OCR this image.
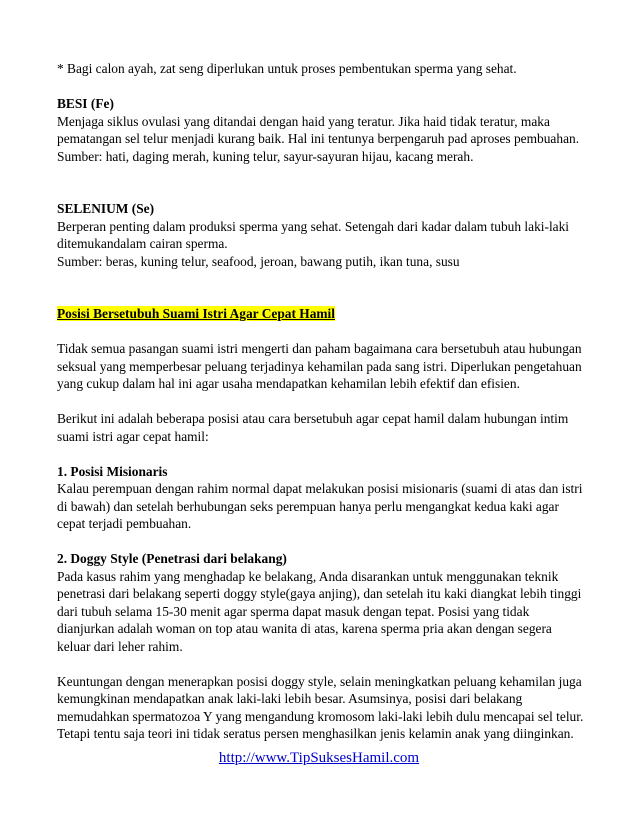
* Bagi calon ayah, zat seng diperlukan untuk proses pembentukan sperma yang sehat.

BESI (Fe)

Menjaga siklus ovulasi yang ditandai dengan haid yang teratur. Jika haid tidak teratur, maka pematangan sel telur menjadi kurang baik. Hal ini tentunya berpengaruh pad aproses pembuahan.

Sumber: hati, daging merah, kuning telur, sayur-sayuran hijau, kacang merah.

SELENIUM (Se)

Berperan penting dalam produksi sperma yang sehat. Setengah dari kadar dalam tubuh laki-laki ditemukandalam cairan sperma.

Sumber: beras, kuning telur, seafood, jeroan, bawang putih, ikan tuna, susu

Posisi Bersetubuh Suami Istri Agar Cepat Hamil

Tidak semua pasangan suami istri mengerti dan paham bagaimana cara bersetubuh atau hubungan seksual yang memperbesar peluang terjadinya kehamilan pada sang istri. Diperlukan pengetahuan yang cukup dalam hal ini agar usaha mendapatkan kehamilan lebih efektif dan efisien.

Berikut ini adalah beberapa posisi atau cara bersetubuh agar cepat hamil dalam hubungan intim suami istri agar cepat hamil:

1. Posisi Misionaris

Kalau perempuan dengan rahim normal dapat melakukan posisi misionaris (suami di atas dan istri di bawah) dan setelah berhubungan seks perempuan hanya perlu mengangkat kedua kaki agar cepat terjadi pembuahan.

2. Doggy Style (Penetrasi dari belakang)

Pada kasus rahim yang menghadap ke belakang, Anda disarankan untuk menggunakan teknik penetrasi dari belakang seperti doggy style(gaya anjing), dan setelah itu kaki diangkat lebih tinggi dari tubuh selama 15-30 menit agar sperma dapat masuk dengan tepat. Posisi yang tidak dianjurkan adalah woman on top atau wanita di atas, karena sperma pria akan dengan segera keluar dari leher rahim.

Keuntungan dengan menerapkan posisi doggy style, selain meningkatkan peluang kehamilan juga kemungkinan mendapatkan anak laki-laki lebih besar. Asumsinya, posisi dari belakang memudahkan spermatozoa Y yang mengandung kromosom laki-laki lebih dulu mencapai sel telur. Tetapi tentu saja teori ini tidak seratus persen menghasilkan jenis kelamin anak yang diinginkan.

http://www.TipSuksesHamil.com
